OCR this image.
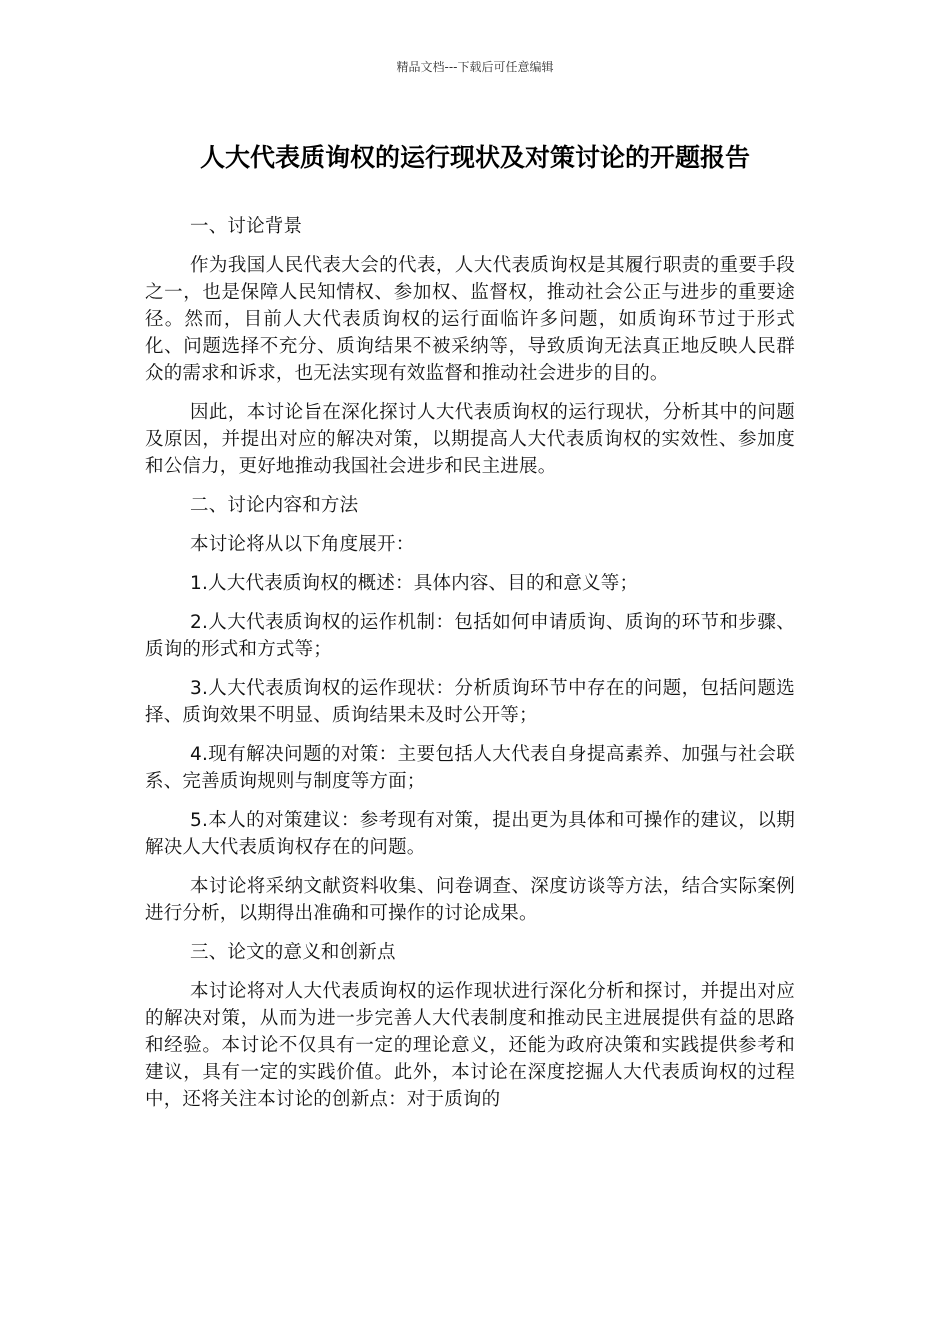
精品文档---下载后可任意编辑
人大代表质询权的运行现状及对策讨论的开题报告

一、讨论背景

作为我国人民代表大会的代表，人大代表质询权是其履行职责的重要手段之一，也是保障人民知情权、参加权、监督权，推动社会公正与进步的重要途径。然而，目前人大代表质询权的运行面临许多问题，如质询环节过于形式化、问题选择不充分、质询结果不被采纳等，导致质询无法真正地反映人民群众的需求和诉求，也无法实现有效监督和推动社会进步的目的。

因此，本讨论旨在深化探讨人大代表质询权的运行现状，分析其中的问题及原因，并提出对应的解决对策，以期提高人大代表质询权的实效性、参加度和公信力，更好地推动我国社会进步和民主进展。

二、讨论内容和方法

本讨论将从以下角度展开：

1.人大代表质询权的概述：具体内容、目的和意义等；

2.人大代表质询权的运作机制：包括如何申请质询、质询的环节和步骤、质询的形式和方式等；

3.人大代表质询权的运作现状：分析质询环节中存在的问题，包括问题选择、质询效果不明显、质询结果未及时公开等；

4.现有解决问题的对策：主要包括人大代表自身提高素养、加强与社会联系、完善质询规则与制度等方面；

5.本人的对策建议：参考现有对策，提出更为具体和可操作的建议，以期解决人大代表质询权存在的问题。

本讨论将采纳文献资料收集、问卷调查、深度访谈等方法，结合实际案例进行分析，以期得出准确和可操作的讨论成果。

三、论文的意义和创新点

本讨论将对人大代表质询权的运作现状进行深化分析和探讨，并提出对应的解决对策，从而为进一步完善人大代表制度和推动民主进展提供有益的思路和经验。本讨论不仅具有一定的理论意义，还能为政府决策和实践提供参考和建议，具有一定的实践价值。此外，本讨论在深度挖掘人大代表质询权的过程中，还将关注本讨论的创新点：对于质询的
